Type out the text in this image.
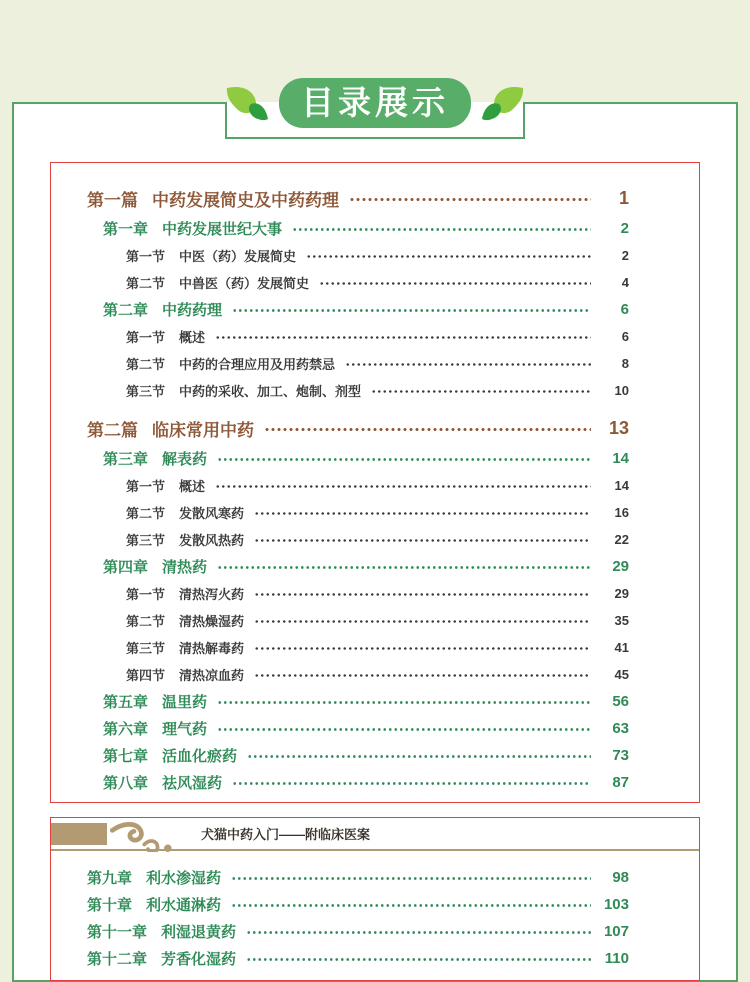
目录展示
第一篇 中药发展简史及中药药理	1
第一章 中药发展世纪大事	2
第一节 中医（药）发展简史	2
第二节 中兽医（药）发展简史	4
第二章 中药药理	6
第一节 概述	6
第二节 中药的合理应用及用药禁忌	8
第三节 中药的采收、加工、炮制、剂型	10
第二篇 临床常用中药	13
第三章 解表药	14
第一节 概述	14
第二节 发散风寒药	16
第三节 发散风热药	22
第四章 清热药	29
第一节 清热泻火药	29
第二节 清热燥湿药	35
第三节 清热解毒药	41
第四节 清热凉血药	45
第五章 温里药	56
第六章 理气药	63
第七章 活血化瘀药	73
第八章 祛风湿药	87
犬猫中药入门——附临床医案
第九章 利水渗湿药	98
第十章 利水通淋药	103
第十一章 利湿退黄药	107
第十二章 芳香化湿药	110
